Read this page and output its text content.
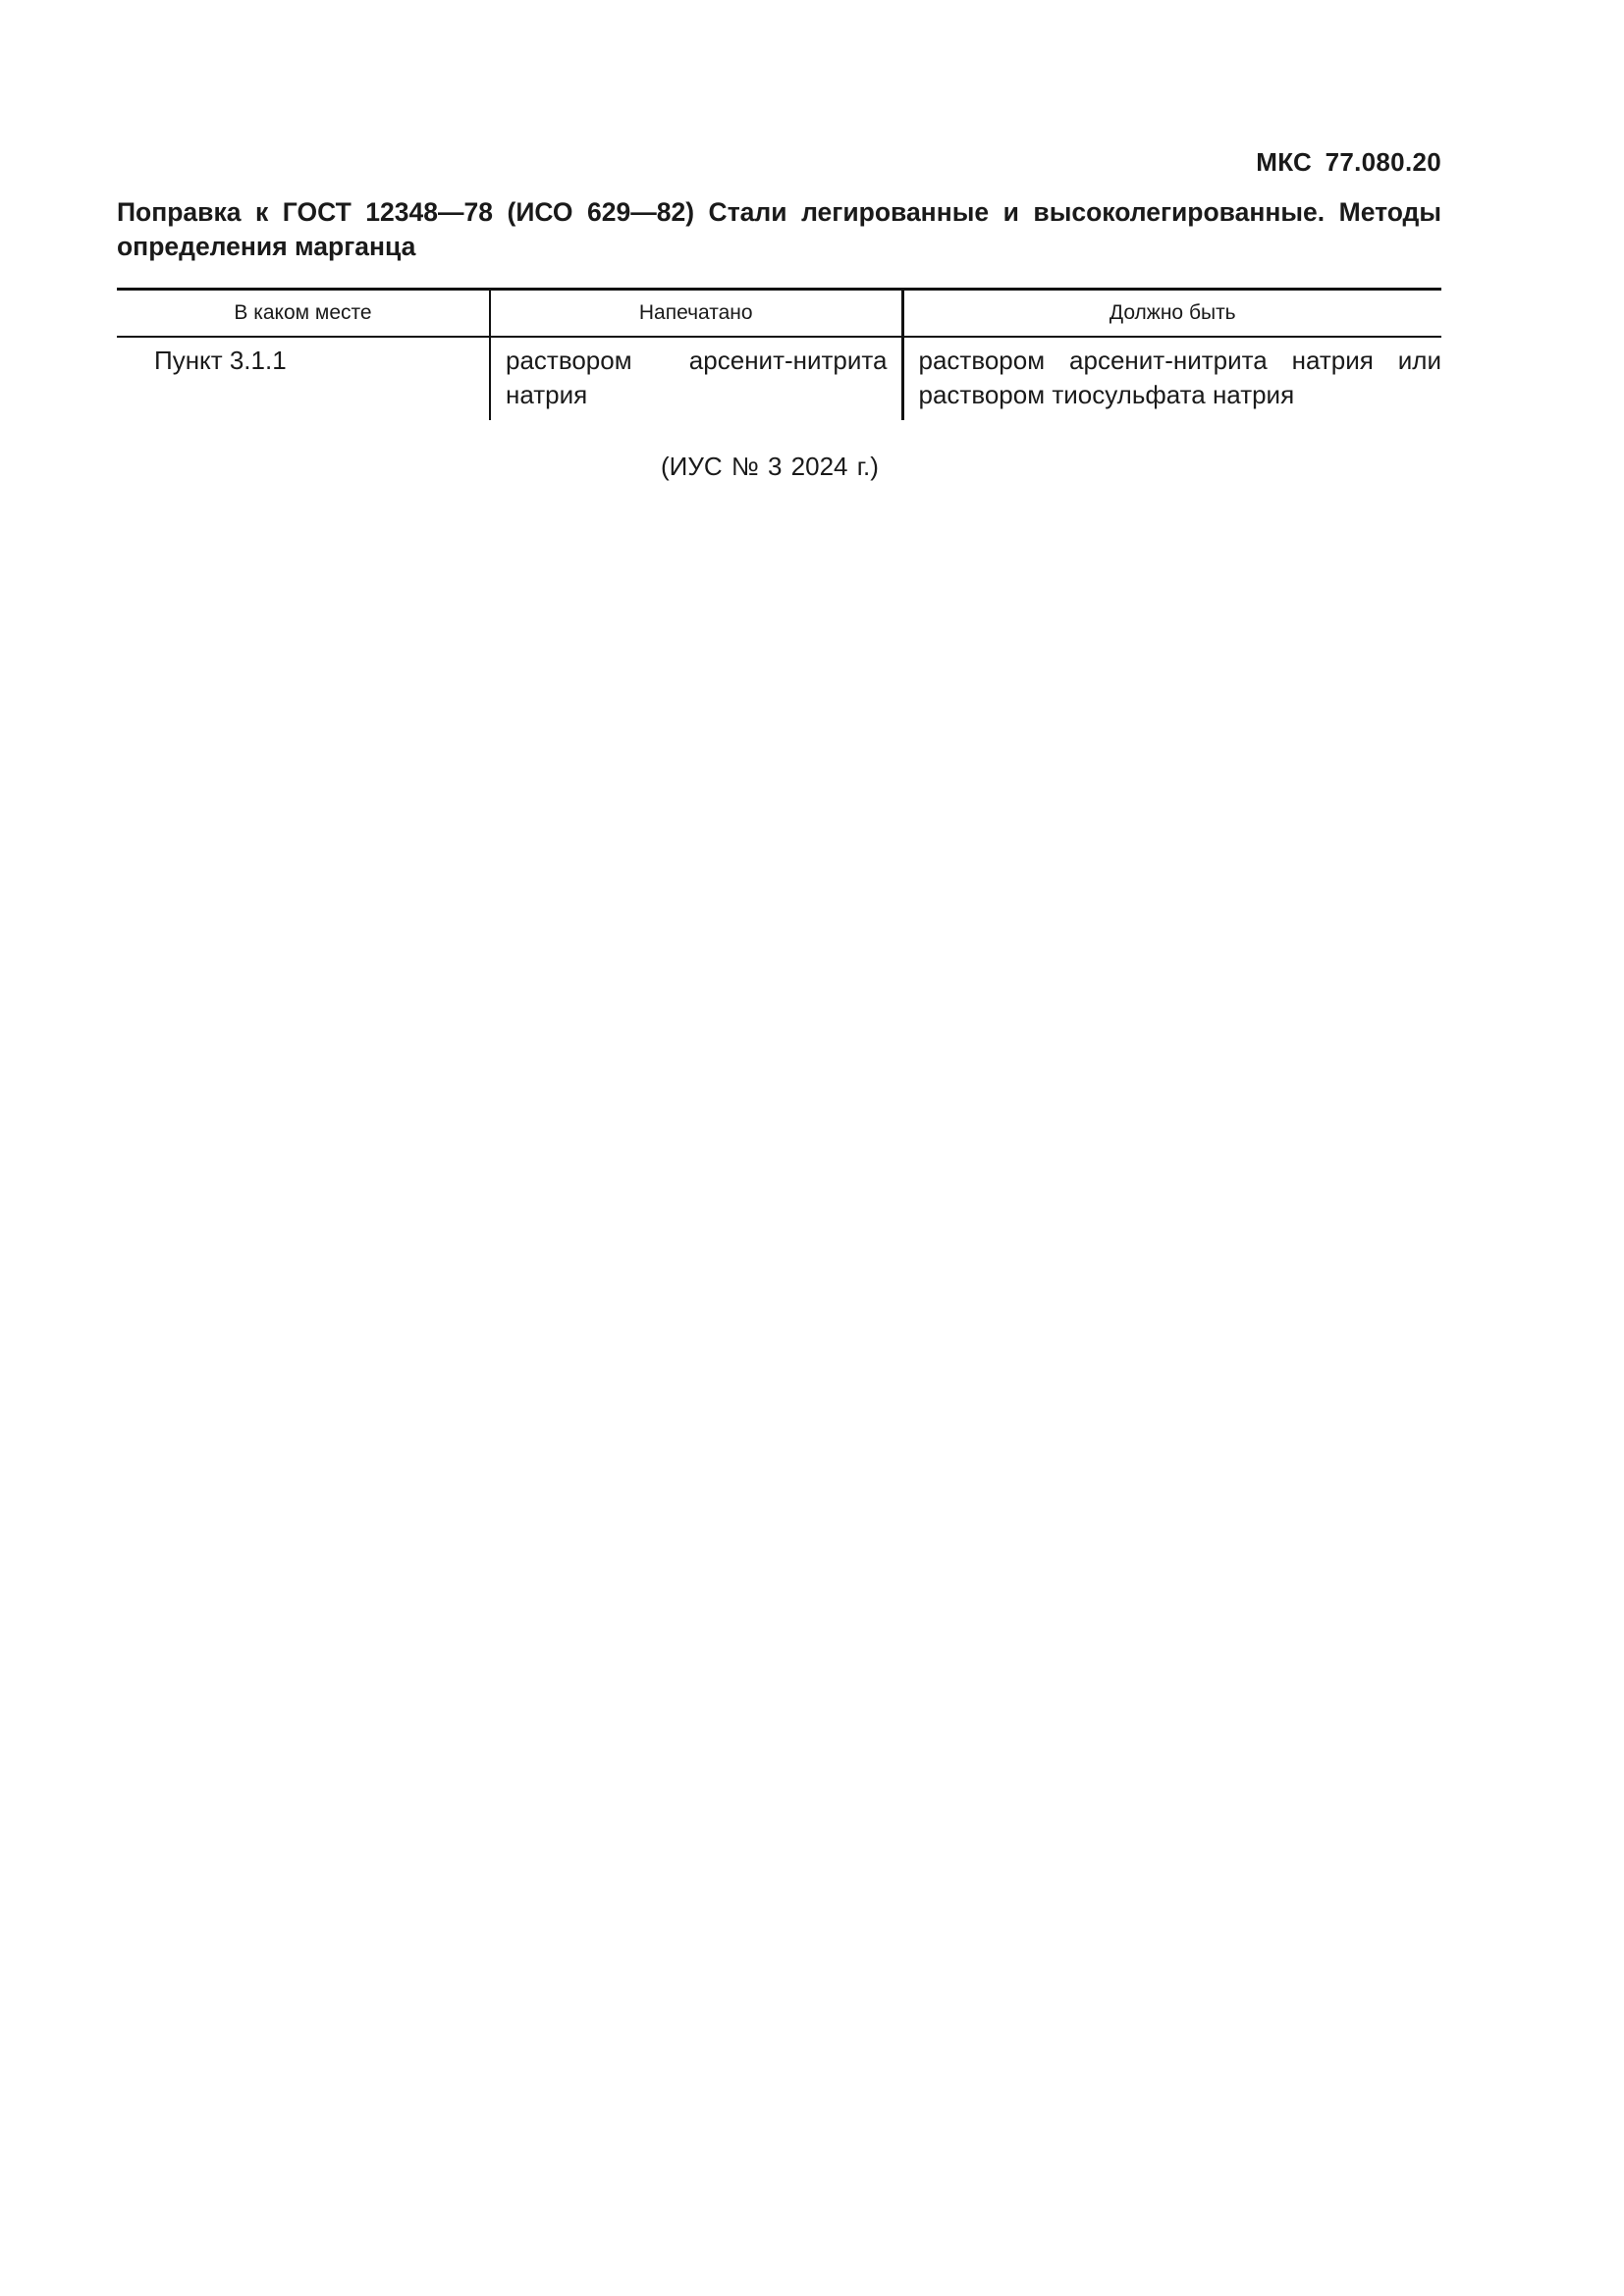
МКС 77.080.20
Поправка к ГОСТ 12348—78 (ИСО 629—82) Стали легированные и высоколегированные. Методы определения марганца
В каком месте	Напечатано	Должно быть
Пункт 3.1.1	раствором арсенит-нитрита натрия	раствором арсенит-нитрита натрия или раствором тиосульфата натрия
(ИУС № 3 2024 г.)
